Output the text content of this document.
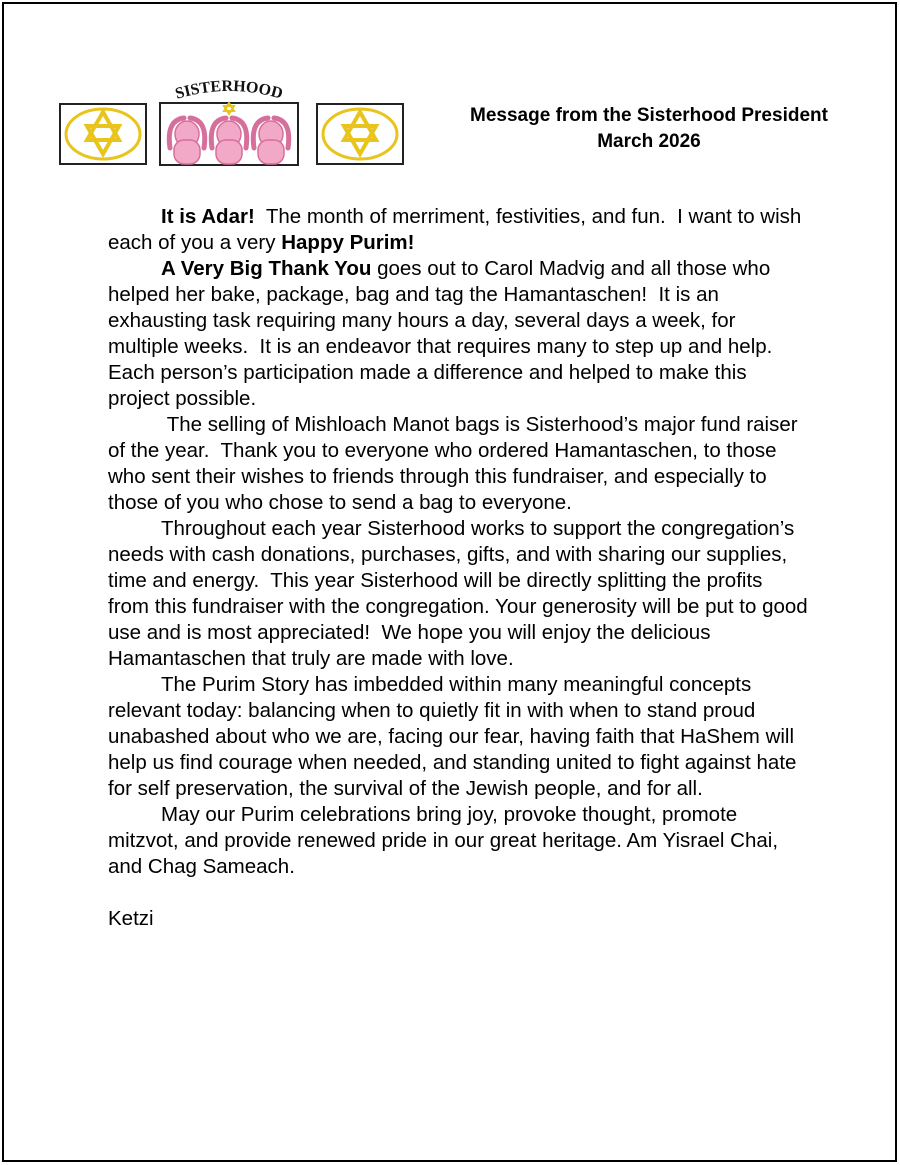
SISTERHOOD
Message from the Sisterhood President
March 2026

It is Adar!  The month of merriment, festivities, and fun.  I want to wish each of you a very Happy Purim!

A Very Big Thank You goes out to Carol Madvig and all those who helped her bake, package, bag and tag the Hamantaschen!  It is an exhausting task requiring many hours a day, several days a week, for multiple weeks.  It is an endeavor that requires many to step up and help. Each person’s participation made a difference and helped to make this project possible.

The selling of Mishloach Manot bags is Sisterhood’s major fund raiser of the year.  Thank you to everyone who ordered Hamantaschen, to those who sent their wishes to friends through this fundraiser, and especially to those of you who chose to send a bag to everyone.

Throughout each year Sisterhood works to support the congregation’s needs with cash donations, purchases, gifts, and with sharing our supplies, time and energy.  This year Sisterhood will be directly splitting the profits from this fundraiser with the congregation. Your generosity will be put to good use and is most appreciated!  We hope you will enjoy the delicious Hamantaschen that truly are made with love.

The Purim Story has imbedded within many meaningful concepts relevant today: balancing when to quietly fit in with when to stand proud unabashed about who we are, facing our fear, having faith that HaShem will help us find courage when needed, and standing united to fight against hate for self preservation, the survival of the Jewish people, and for all.

May our Purim celebrations bring joy, provoke thought, promote mitzvot, and provide renewed pride in our great heritage. Am Yisrael Chai, and Chag Sameach.

Ketzi
